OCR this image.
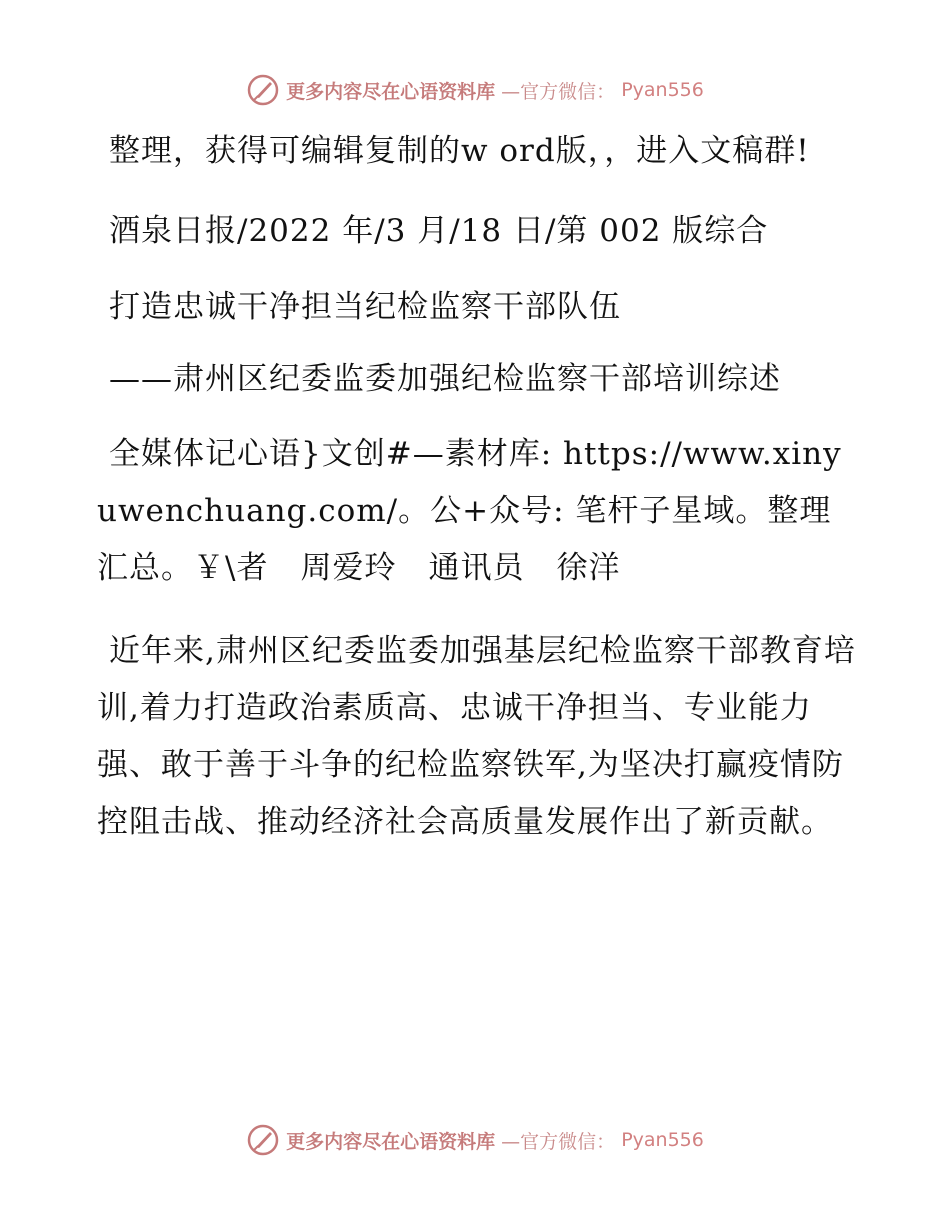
更多内容尽在心语资料库 —官方微信： Pyan556

整理，获得可编辑复制的w ord版，，进入文稿群!

酒泉日报/2022 年/3 月/18 日/第 002 版综合

打造忠诚干净担当纪检监察干部队伍

——肃州区纪委监委加强纪检监察干部培训综述

全媒体记心语}文创#—素材库: https://www.xinyuwenchuang.com/。公+众号: 笔杆子星域。整理汇总。￥\者　周爱玲　通讯员　徐洋

近年来,肃州区纪委监委加强基层纪检监察干部教育培训,着力打造政治素质高、忠诚干净担当、专业能力强、敢于善于斗争的纪检监察铁军,为坚决打赢疫情防控阻击战、推动经济社会高质量发展作出了新贡献。

更多内容尽在心语资料库 —官方微信： Pyan556
